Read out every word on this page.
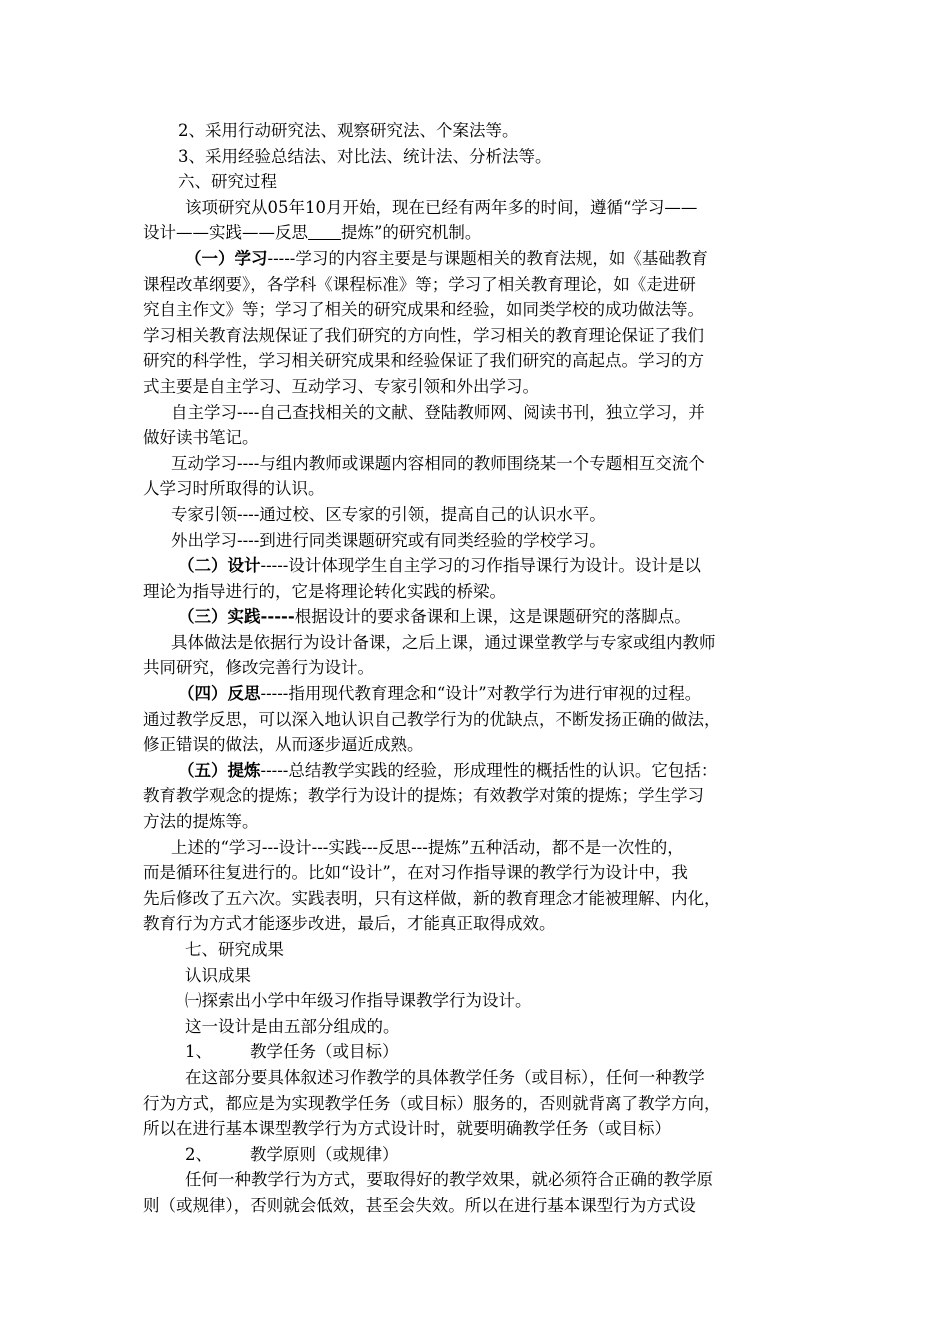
2、采用行动研究法、观察研究法、个案法等。
3、采用经验总结法、对比法、统计法、分析法等。
六、研究过程
该项研究从05年10月开始，现在已经有两年多的时间，遵循“学习——
设计——实践——反思   提炼”的研究机制。
（一）学习-----学习的内容主要是与课题相关的教育法规，如《基础教育
课程改革纲要》，各学科《课程标准》等；学习了相关教育理论，如《走进研
究自主作文》等；学习了相关的研究成果和经验，如同类学校的成功做法等。
学习相关教育法规保证了我们研究的方向性，学习相关的教育理论保证了我们
研究的科学性，学习相关研究成果和经验保证了我们研究的高起点。学习的方
式主要是自主学习、互动学习、专家引领和外出学习。
自主学习----自己查找相关的文献、登陆教师网、阅读书刊，独立学习，并
做好读书笔记。
互动学习----与组内教师或课题内容相同的教师围绕某一个专题相互交流个
人学习时所取得的认识。
专家引领----通过校、区专家的引领，提高自己的认识水平。
外出学习----到进行同类课题研究或有同类经验的学校学习。
（二）设计-----设计体现学生自主学习的习作指导课行为设计。设计是以
理论为指导进行的，它是将理论转化实践的桥梁。
（三）实践-----根据设计的要求备课和上课，这是课题研究的落脚点。
具体做法是依据行为设计备课，之后上课，通过课堂教学与专家或组内教师
共同研究，修改完善行为设计。
（四）反思-----指用现代教育理念和“设计”对教学行为进行审视的过程。
通过教学反思，可以深入地认识自己教学行为的优缺点，不断发扬正确的做法，
修正错误的做法，从而逐步逼近成熟。
（五）提炼-----总结教学实践的经验，形成理性的概括性的认识。它包括：
教育教学观念的提炼；教学行为设计的提炼；有效教学对策的提炼；学生学习
方法的提炼等。
上述的“学习---设计---实践---反思---提炼”五种活动，都不是一次性的，
而是循环往复进行的。比如“设计”，在对习作指导课的教学行为设计中，我
先后修改了五六次。实践表明，只有这样做，新的教育理念才能被理解、内化，
教育行为方式才能逐步改进，最后，才能真正取得成效。
七、研究成果
认识成果
㈠探索出小学中年级习作指导课教学行为设计。
这一设计是由五部分组成的。
1、 教学任务（或目标）
在这部分要具体叙述习作教学的具体教学任务（或目标），任何一种教学
行为方式，都应是为实现教学任务（或目标）服务的，否则就背离了教学方向，
所以在进行基本课型教学行为方式设计时，就要明确教学任务（或目标）
2、 教学原则（或规律）
任何一种教学行为方式，要取得好的教学效果，就必须符合正确的教学原
则（或规律），否则就会低效，甚至会失效。所以在进行基本课型行为方式设
